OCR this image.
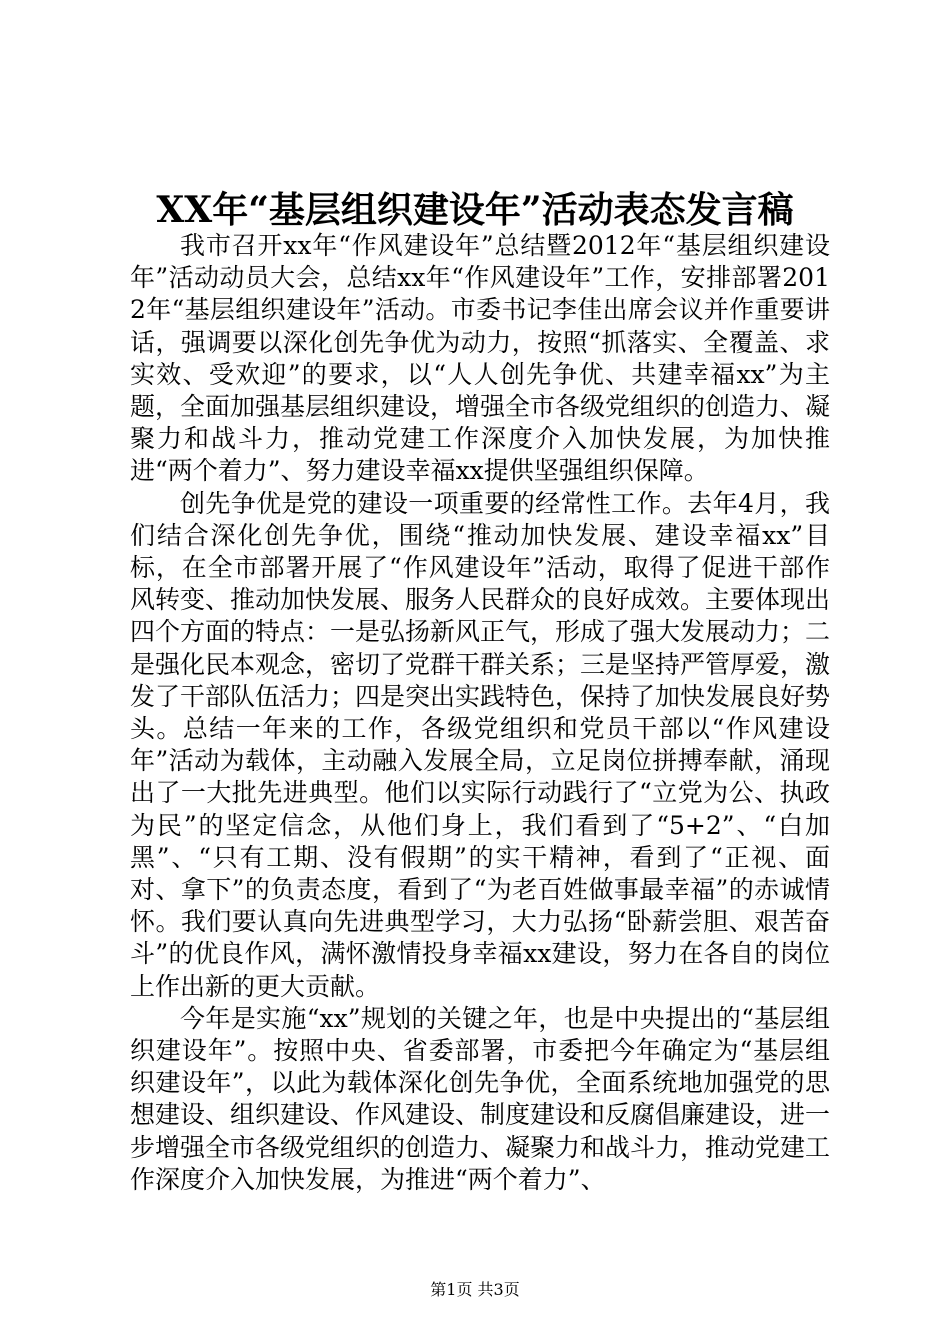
XX年“基层组织建设年”活动表态发言稿

我市召开xx年“作风建设年”总结暨2012年“基层组织建设年”活动动员大会，总结xx年“作风建设年”工作，安排部署2012年“基层组织建设年”活动。市委书记李佳出席会议并作重要讲话，强调要以深化创先争优为动力，按照“抓落实、全覆盖、求实效、受欢迎”的要求，以“人人创先争优、共建幸福xx”为主题，全面加强基层组织建设，增强全市各级党组织的创造力、凝聚力和战斗力，推动党建工作深度介入加快发展，为加快推进“两个着力”、努力建设幸福xx提供坚强组织保障。

创先争优是党的建设一项重要的经常性工作。去年4月，我们结合深化创先争优，围绕“推动加快发展、建设幸福xx”目标，在全市部署开展了“作风建设年”活动，取得了促进干部作风转变、推动加快发展、服务人民群众的良好成效。主要体现出四个方面的特点：一是弘扬新风正气，形成了强大发展动力；二是强化民本观念，密切了党群干群关系；三是坚持严管厚爱，激发了干部队伍活力；四是突出实践特色，保持了加快发展良好势头。总结一年来的工作，各级党组织和党员干部以“作风建设年”活动为载体，主动融入发展全局，立足岗位拼搏奉献，涌现出了一大批先进典型。他们以实际行动践行了“立党为公、执政为民”的坚定信念，从他们身上，我们看到了“5+2”、“白加黑”、“只有工期、没有假期”的实干精神，看到了“正视、面对、拿下”的负责态度，看到了“为老百姓做事最幸福”的赤诚情怀。我们要认真向先进典型学习，大力弘扬“卧薪尝胆、艰苦奋斗”的优良作风，满怀激情投身幸福xx建设，努力在各自的岗位上作出新的更大贡献。

今年是实施“xx”规划的关键之年，也是中央提出的“基层组织建设年”。按照中央、省委部署，市委把今年确定为“基层组织建设年”，以此为载体深化创先争优，全面系统地加强党的思想建设、组织建设、作风建设、制度建设和反腐倡廉建设，进一步增强全市各级党组织的创造力、凝聚力和战斗力，推动党建工作深度介入加快发展，为推进“两个着力”、

第1页 共3页
